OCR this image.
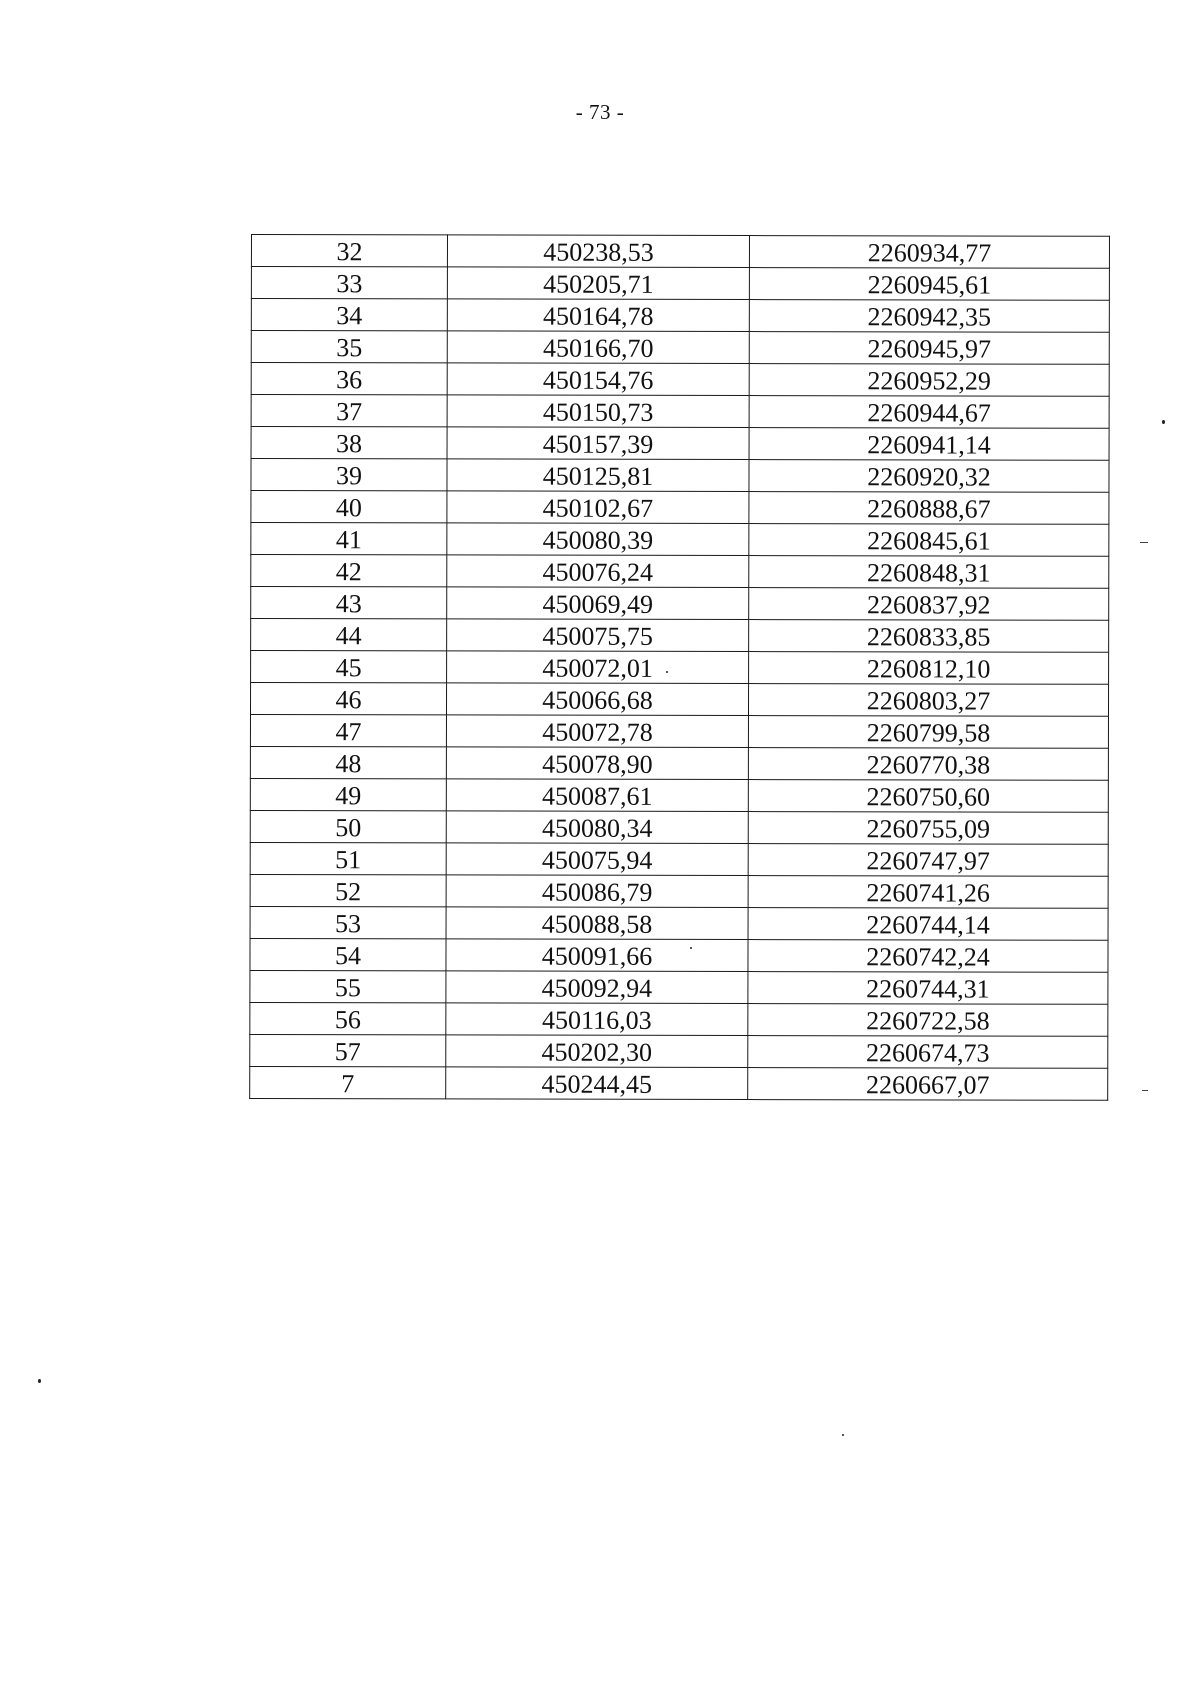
- 73 -
32	450238,53	2260934,77
33	450205,71	2260945,61
34	450164,78	2260942,35
35	450166,70	2260945,97
36	450154,76	2260952,29
37	450150,73	2260944,67
38	450157,39	2260941,14
39	450125,81	2260920,32
40	450102,67	2260888,67
41	450080,39	2260845,61
42	450076,24	2260848,31
43	450069,49	2260837,92
44	450075,75	2260833,85
45	450072,01	2260812,10
46	450066,68	2260803,27
47	450072,78	2260799,58
48	450078,90	2260770,38
49	450087,61	2260750,60
50	450080,34	2260755,09
51	450075,94	2260747,97
52	450086,79	2260741,26
53	450088,58	2260744,14
54	450091,66	2260742,24
55	450092,94	2260744,31
56	450116,03	2260722,58
57	450202,30	2260674,73
7	450244,45	2260667,07
